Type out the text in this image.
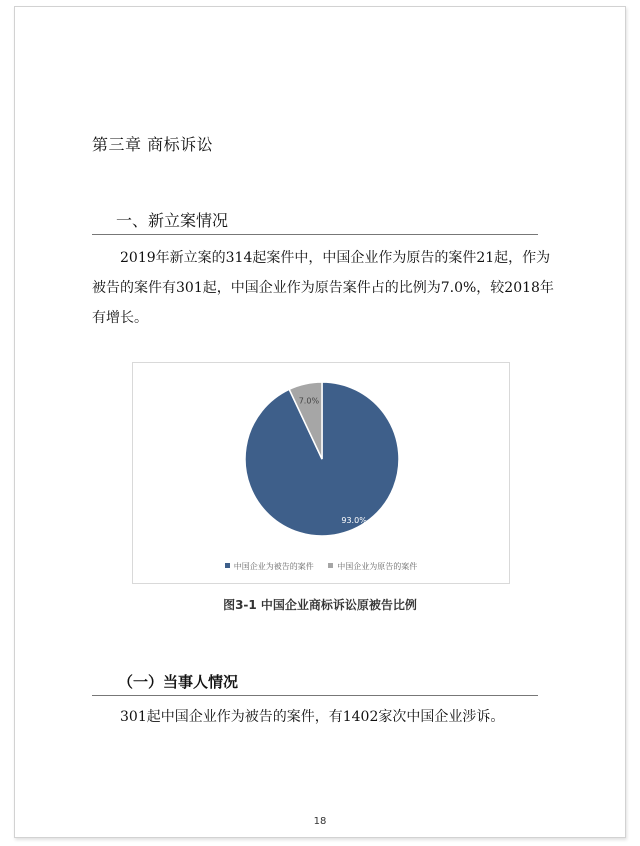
第三章 商标诉讼
一、新立案情况

2019年新立案的314起案件中，中国企业作为原告的案件21起，作为被告的案件有301起，中国企业作为原告案件占的比例为7.0%，较2018年有增长。

93.0%
7.0%
中国企业为被告的案件	中国企业为原告的案件
图3-1 中国企业商标诉讼原被告比例
（一）当事人情况

301起中国企业作为被告的案件，有1402家次中国企业涉诉。

18
